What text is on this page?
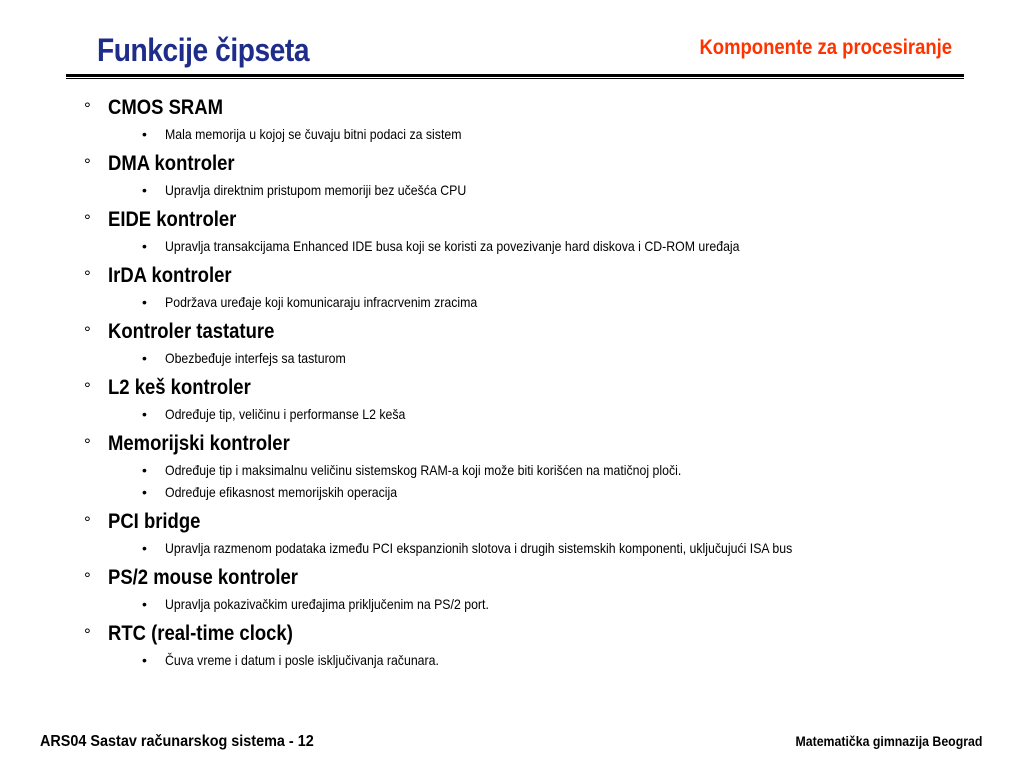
Funkcije čipseta	Komponente za procesiranje
° CMOS SRAM
•	Mala memorija u kojoj se čuvaju bitni podaci za sistem
° DMA kontroler
•	Upravlja direktnim pristupom memoriji bez učešća CPU
° EIDE kontroler
•	Upravlja transakcijama Enhanced IDE busa koji se koristi za povezivanje hard diskova i CD-ROM uređaja
° IrDA kontroler
•	Podržava uređaje koji komunicaraju infracrvenim zracima
° Kontroler tastature
•	Obezbeđuje interfejs sa tasturom
° L2 keš kontroler
•	Određuje tip, veličinu i performanse L2 keša
° Memorijski kontroler
•	Određuje tip i maksimalnu veličinu sistemskog RAM-a koji može biti korišćen na matičnoj ploči.
•	Određuje efikasnost memorijskih operacija
° PCI bridge
•	Upravlja razmenom podataka između PCI ekspanzionih slotova i drugih sistemskih komponenti, uključujući ISA bus
° PS/2 mouse kontroler
•	Upravlja pokazivačkim uređajima priključenim na PS/2 port.
° RTC (real-time clock)
•	Čuva vreme i datum i posle isključivanja računara.
ARS04 Sastav računarskog sistema - 12	Matematička gimnazija Beograd
